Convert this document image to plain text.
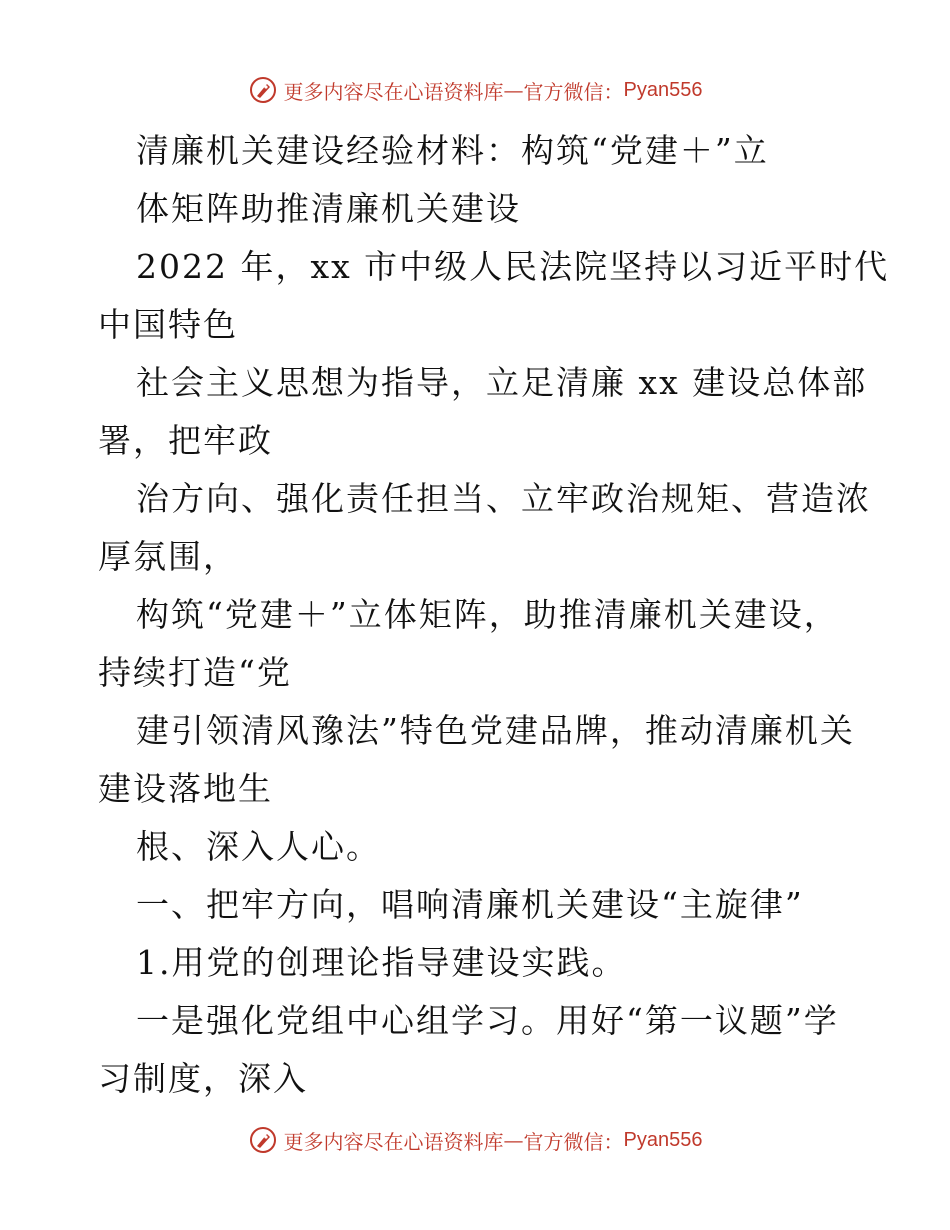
更多内容尽在心语资料库 — 官方微信： Pyan556
清廉机关建设经验材料：构筑“党建＋”立
体矩阵助推清廉机关建设
2022 年，xx 市中级人民法院坚持以习近平时代
中国特色
社会主义思想为指导，立足清廉 xx 建设总体部
署，把牢政
治方向、强化责任担当、立牢政治规矩、营造浓
厚氛围，
构筑“党建＋”立体矩阵，助推清廉机关建设，
持续打造“党
建引领清风豫法”特色党建品牌，推动清廉机关
建设落地生
根、深入人心。
一、把牢方向，唱响清廉机关建设“主旋律”
1.用党的创理论指导建设实践。
一是强化党组中心组学习。用好“第一议题”学
习制度，深入
更多内容尽在心语资料库 — 官方微信： Pyan556
